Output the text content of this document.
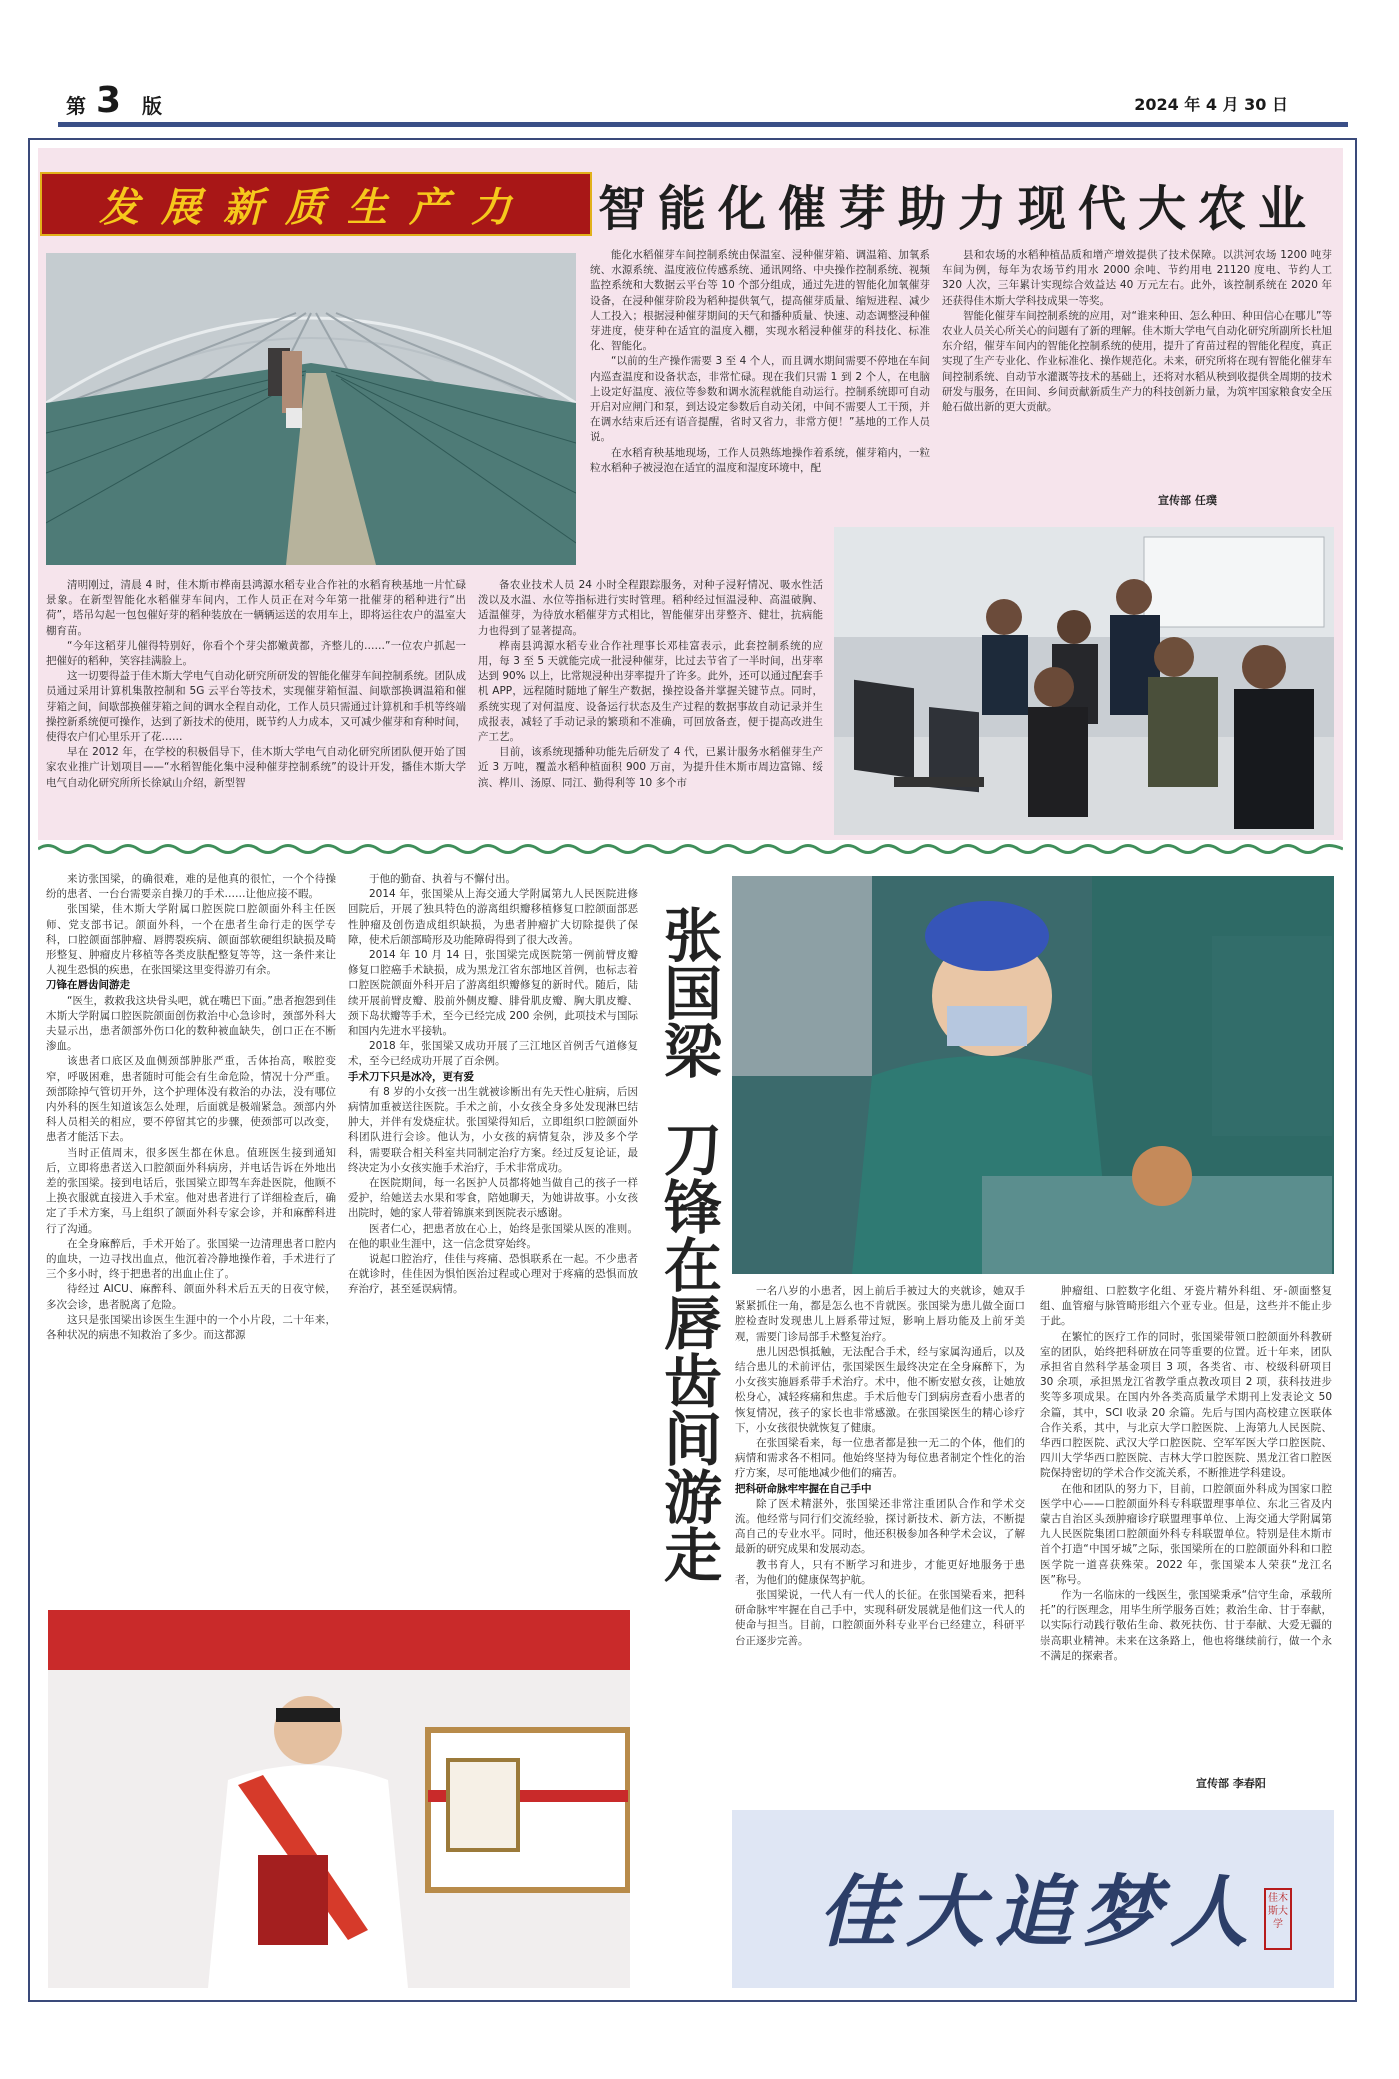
第 3 版	2024 年 4 月 30 日
发展新质生产力	智能化催芽助力现代大农业

清明刚过，清晨 4 时，佳木斯市桦南县鸿源水稻专业合作社的水稻育秧基地一片忙碌景象。在新型智能化水稻催芽车间内，工作人员正在对今年第一批催芽的稻种进行“出荷”，塔吊勾起一包包催好芽的稻种装放在一辆辆运送的农用车上，即将运往农户的温室大棚育苗。

“今年这稻芽儿催得特别好，你看个个芽尖都嫩黄都，齐整儿的……”一位农户抓起一把催好的稻种，笑容挂满脸上。

这一切要得益于佳木斯大学电气自动化研究所研发的智能化催芽车间控制系统。团队成员通过采用计算机集散控制和 5G 云平台等技术，实现催芽箱恒温、间歇部换调温箱和催芽箱之间，间歇部换催芽箱之间的调水全程自动化，工作人员只需通过计算机和手机等终端操控新系统便可操作，达到了新技术的使用，既节约人力成本，又可减少催芽和育种时间，使得农户们心里乐开了花……

早在 2012 年，在学校的积极倡导下，佳木斯大学电气自动化研究所团队便开始了国家农业推广计划项目——“水稻智能化集中浸种催芽控制系统”的设计开发，播佳木斯大学电气自动化研究所所长徐斌山介绍，新型智

能化水稻催芽车间控制系统由保温室、浸种催芽箱、调温箱、加氧系统、水源系统、温度液位传感系统、通讯网络、中央操作控制系统、视频监控系统和大数据云平台等 10 个部分组成，通过先进的智能化加氧催芽设备，在浸种催芽阶段为稻种提供氧气，提高催芽质量、缩短进程、减少人工投入；根据浸种催芽期间的天气和播种质量、快速、动态调整浸种催芽进度，使芽种在适宜的温度入棚，实现水稻浸种催芽的科技化、标准化、智能化。

“以前的生产操作需要 3 至 4 个人，而且调水期间需要不停地在车间内巡查温度和设备状态，非常忙碌。现在我们只需 1 到 2 个人，在电脑上设定好温度、液位等参数和调水流程就能自动运行。控制系统即可自动开启对应闸门和泵，到达设定参数后自动关闭，中间不需要人工干预，并在调水结束后还有语音提醒，省时又省力，非常方便！”基地的工作人员说。

在水稻育秧基地现场，工作人员熟练地操作着系统，催芽箱内，一粒粒水稻种子被浸泡在适宜的温度和湿度环境中，配

备农业技术人员 24 小时全程跟踪服务，对种子浸籽情况、吸水性活泼以及水温、水位等指标进行实时管理。稻种经过恒温浸种、高温破胸、适温催芽，为待放水稻催芽方式相比，智能催芽出芽整齐、健壮，抗病能力也得到了显著提高。

桦南县鸿源水稻专业合作社理事长邓桂富表示，此套控制系统的应用，每 3 至 5 天就能完成一批浸种催芽，比过去节省了一半时间，出芽率达到 90% 以上，比常规浸种出芽率提升了许多。此外，还可以通过配套手机 APP，远程随时随地了解生产数据，操控设备并掌握关键节点。同时，系统实现了对何温度、设备运行状态及生产过程的数据事故自动记录并生成报表，减轻了手动记录的繁琐和不准确，可回放备查，便于提高改进生产工艺。

目前，该系统现播种功能先后研发了 4 代，已累计服务水稻催芽生产近 3 万吨，覆盖水稻种植面积 900 万亩，为提升佳木斯市周边富锦、绥滨、桦川、汤原、同江、勤得利等 10 多个市

县和农场的水稻种植品质和增产增效提供了技术保障。以洪河农场 1200 吨芽车间为例，每年为农场节约用水 2000 余吨、节约用电 21120 度电、节约人工 320 人次，三年累计实现综合效益达 40 万元左右。此外，该控制系统在 2020 年还获得佳木斯大学科技成果一等奖。

智能化催芽车间控制系统的应用，对“谁来种田、怎么种田、种田信心在哪儿”等农业人员关心所关心的问题有了新的理解。佳木斯大学电气自动化研究所副所长杜旭东介绍，催芽车间内的智能化控制系统的使用，提升了育苗过程的智能化程度，真正实现了生产专业化、作业标准化、操作规范化。未来，研究所将在现有智能化催芽车间控制系统、自动节水灌溉等技术的基础上，还将对水稻从秧到收提供全周期的技术研发与服务，在田间、乡间贡献新质生产力的科技创新力量，为筑牢国家粮食安全压舱石做出新的更大贡献。

宣传部 任璞

来访张国梁，的确很难，难的是他真的很忙，一个个待操纷的患者、一台台需要亲自操刀的手术……让他应接不暇。

张国梁，佳木斯大学附属口腔医院口腔颌面外科主任医师、党支部书记。颌面外科，一个在患者生命行走的医学专科，口腔颌面部肿瘤、唇腭裂疾病、颌面部软硬组织缺损及畸形整复、肿瘤皮片移植等各类皮肤配整复等等，这一条件来让人视生恐惧的疾患，在张国梁这里变得游刃有余。

刀锋在唇齿间游走

“医生，救救我这块骨头吧，就在嘴巴下面。”患者抱怨到佳木斯大学附属口腔医院颌面创伤救治中心急诊时，颈部外科大夫显示出，患者颌部外伤口化的数种被血缺失，创口正在不断渗血。

该患者口底区及血侧颈部肿胀严重，舌体抬高，喉腔变窄，呼吸困难，患者随时可能会有生命危险，情况十分严重。颈部除掉气管切开外，这个护理体没有救治的办法，没有哪位内外科的医生知道该怎么处理，后面就是极端紧急。颈部内外科人员相关的相应，要不停留其它的步骤，使颈部可以改变，患者才能活下去。

当时正值周末，很多医生都在休息。值班医生接到通知后，立即将患者送入口腔颌面外科病房，并电话告诉在外地出差的张国梁。接到电话后，张国梁立即驾车奔赴医院，他顾不上换衣服就直接进入手术室。他对患者进行了详细检查后，确定了手术方案，马上组织了颌面外科专家会诊，并和麻醉科进行了沟通。

在全身麻醉后，手术开始了。张国梁一边清理患者口腔内的血块，一边寻找出血点，他沉着冷静地操作着，手术进行了三个多小时，终于把患者的出血止住了。

待经过 AICU、麻醉科、颌面外科术后五天的日夜守候，多次会诊，患者脱离了危险。

这只是张国梁出诊医生生涯中的一个小片段，二十年来，各种状况的病患不知救治了多少。而这都源

于他的勤奋、执着与不懈付出。

2014 年，张国梁从上海交通大学附属第九人民医院进修回院后，开展了独具特色的游离组织瓣移植修复口腔颌面部恶性肿瘤及创伤造成组织缺损，为患者肿瘤扩大切除提供了保障，使术后颌部畸形及功能障碍得到了很大改善。

2014 年 10 月 14 日，张国梁完成医院第一例前臂皮瓣修复口腔癌手术缺损，成为黑龙江省东部地区首例，也标志着口腔医院颌面外科开启了游离组织瓣修复的新时代。随后，陆续开展前臂皮瓣、股前外侧皮瓣、腓骨肌皮瓣、胸大肌皮瓣、颈下岛状瓣等手术，至今已经完成 200 余例，此项技术与国际和国内先进水平接轨。

2018 年，张国梁又成功开展了三江地区首例舌气道修复术，至今已经成功开展了百余例。

手术刀下只是冰冷，更有爱

有 8 岁的小女孩一出生就被诊断出有先天性心脏病，后因病情加重被送往医院。手术之前，小女孩全身多处发现淋巴结肿大，并伴有发烧症状。张国梁得知后，立即组织口腔颌面外科团队进行会诊。他认为，小女孩的病情复杂，涉及多个学科，需要联合相关科室共同制定治疗方案。经过反复论证，最终决定为小女孩实施手术治疗，手术非常成功。

在医院期间，每一名医护人员都将她当做自己的孩子一样爱护，给她送去水果和零食，陪她聊天，为她讲故事。小女孩出院时，她的家人带着锦旗来到医院表示感谢。

医者仁心，把患者放在心上，始终是张国梁从医的准则。在他的职业生涯中，这一信念贯穿始终。

说起口腔治疗，佳佳与疼痛、恐惧联系在一起。不少患者在就诊时，佳佳因为惧怕医治过程或心理对于疼痛的恐惧而放弃治疗，甚至延误病情。

张国梁
刀锋在唇齿间游走	一名八岁的小患者，因上前后手被过大的夹就诊，她双手紧紧抓住一角，都是怎么也不肯就医。张国梁为患儿做全面口腔检查时发现患儿上唇系带过短，影响上唇功能及上前牙美观，需要门诊局部手术整复治疗。

患儿因恐惧抵触，无法配合手术，经与家属沟通后，以及结合患儿的术前评估，张国梁医生最终决定在全身麻醉下，为小女孩实施唇系带手术治疗。术中，他不断安慰女孩，让她放松身心，减轻疼痛和焦虑。手术后他专门到病房查看小患者的恢复情况，孩子的家长也非常感激。在张国梁医生的精心诊疗下，小女孩很快就恢复了健康。

在张国梁看来，每一位患者都是独一无二的个体，他们的病情和需求各不相同。他始终坚持为每位患者制定个性化的治疗方案，尽可能地减少他们的痛苦。

把科研命脉牢牢握在自己手中

除了医术精湛外，张国梁还非常注重团队合作和学术交流。他经常与同行们交流经验，探讨新技术、新方法，不断提高自己的专业水平。同时，他还积极参加各种学术会议，了解最新的研究成果和发展动态。

教书育人，只有不断学习和进步，才能更好地服务于患者，为他们的健康保驾护航。

张国梁说，一代人有一代人的长征。在张国梁看来，把科研命脉牢牢握在自己手中，实现科研发展就是他们这一代人的使命与担当。目前，口腔颌面外科专业平台已经建立，科研平台正逐步完善。

肿瘤组、口腔数字化组、牙瓷片精外科组、牙-颌面整复组、血管瘤与脉管畸形组六个亚专业。但是，这些并不能止步于此。

在繁忙的医疗工作的同时，张国梁带领口腔颌面外科教研室的团队，始终把科研放在同等重要的位置。近十年来，团队承担省自然科学基金项目 3 项，各类省、市、校级科研项目 30 余项，承担黑龙江省教学重点教改项目 2 项，获科技进步奖等多项成果。在国内外各类高质量学术期刊上发表论文 50 余篇，其中，SCI 收录 20 余篇。先后与国内高校建立医联体合作关系，其中，与北京大学口腔医院、上海第九人民医院、华西口腔医院、武汉大学口腔医院、空军军医大学口腔医院、四川大学华西口腔医院、吉林大学口腔医院、黑龙江省口腔医院保持密切的学术合作交流关系，不断推进学科建设。

在他和团队的努力下，目前，口腔颌面外科成为国家口腔医学中心——口腔颌面外科专科联盟理事单位、东北三省及内蒙古自治区头颈肿瘤诊疗联盟理事单位、上海交通大学附属第九人民医院集团口腔颌面外科专科联盟单位。特别是佳木斯市首个打造“中国牙城”之际，张国梁所在的口腔颌面外科和口腔医学院一道喜获殊荣。2022 年，张国梁本人荣获“龙江名医”称号。

作为一名临床的一线医生，张国梁秉承“信守生命，承载所托”的行医理念，用毕生所学服务百姓；救治生命、甘于奉献，以实际行动践行敬佑生命、救死扶伤、甘于奉献、大爱无疆的崇高职业精神。未来在这条路上，他也将继续前行，做一个永不满足的探索者。

宣传部 李春阳
佳大追梦人 佳木斯大学
